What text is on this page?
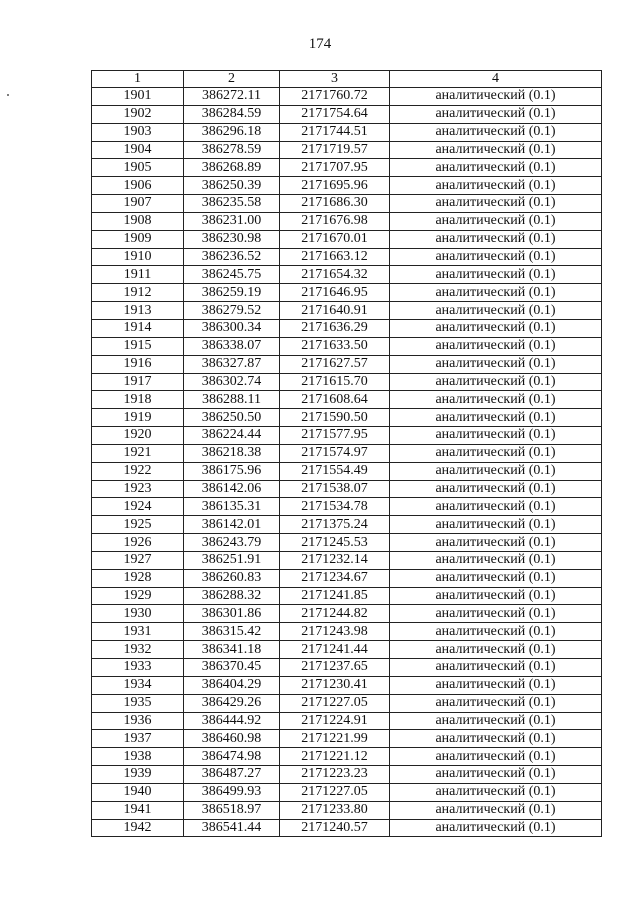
174
1	2	3	4
1901	386272.11	2171760.72	аналитический (0.1)
1902	386284.59	2171754.64	аналитический (0.1)
1903	386296.18	2171744.51	аналитический (0.1)
1904	386278.59	2171719.57	аналитический (0.1)
1905	386268.89	2171707.95	аналитический (0.1)
1906	386250.39	2171695.96	аналитический (0.1)
1907	386235.58	2171686.30	аналитический (0.1)
1908	386231.00	2171676.98	аналитический (0.1)
1909	386230.98	2171670.01	аналитический (0.1)
1910	386236.52	2171663.12	аналитический (0.1)
1911	386245.75	2171654.32	аналитический (0.1)
1912	386259.19	2171646.95	аналитический (0.1)
1913	386279.52	2171640.91	аналитический (0.1)
1914	386300.34	2171636.29	аналитический (0.1)
1915	386338.07	2171633.50	аналитический (0.1)
1916	386327.87	2171627.57	аналитический (0.1)
1917	386302.74	2171615.70	аналитический (0.1)
1918	386288.11	2171608.64	аналитический (0.1)
1919	386250.50	2171590.50	аналитический (0.1)
1920	386224.44	2171577.95	аналитический (0.1)
1921	386218.38	2171574.97	аналитический (0.1)
1922	386175.96	2171554.49	аналитический (0.1)
1923	386142.06	2171538.07	аналитический (0.1)
1924	386135.31	2171534.78	аналитический (0.1)
1925	386142.01	2171375.24	аналитический (0.1)
1926	386243.79	2171245.53	аналитический (0.1)
1927	386251.91	2171232.14	аналитический (0.1)
1928	386260.83	2171234.67	аналитический (0.1)
1929	386288.32	2171241.85	аналитический (0.1)
1930	386301.86	2171244.82	аналитический (0.1)
1931	386315.42	2171243.98	аналитический (0.1)
1932	386341.18	2171241.44	аналитический (0.1)
1933	386370.45	2171237.65	аналитический (0.1)
1934	386404.29	2171230.41	аналитический (0.1)
1935	386429.26	2171227.05	аналитический (0.1)
1936	386444.92	2171224.91	аналитический (0.1)
1937	386460.98	2171221.99	аналитический (0.1)
1938	386474.98	2171221.12	аналитический (0.1)
1939	386487.27	2171223.23	аналитический (0.1)
1940	386499.93	2171227.05	аналитический (0.1)
1941	386518.97	2171233.80	аналитический (0.1)
1942	386541.44	2171240.57	аналитический (0.1)
